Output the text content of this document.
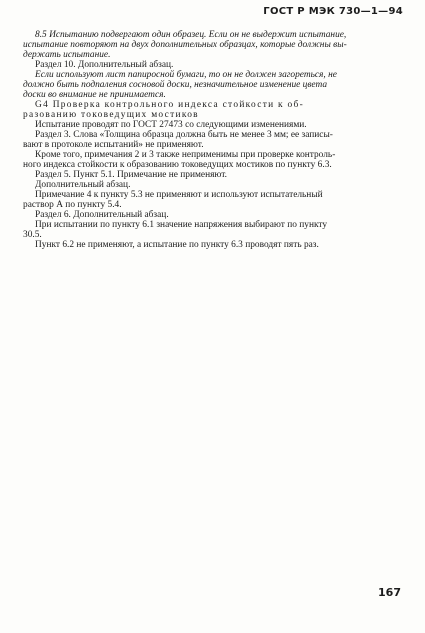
ГОСТ Р МЭК 730—1—94
8.5 Испытанию подвергают один образец. Если он не выдержит испытание,
испытание повторяют на двух дополнительных образцах, которые должны вы-
держать испытание.
Раздел 10. Дополнительный абзац.
Если используют лист папиросной бумаги, то он не должен загореться, не
должно быть подпаления сосновой доски, незначительное изменение цвета
доски во внимание не принимается.
G4 Проверка контрольного индекса стойкости к об-
разованию токоведущих мостиков
Испытание проводят по ГОСТ 27473 со следующими изменениями.
Раздел 3. Слова «Толщина образца должна быть не менее 3 мм; ее записы-
вают в протоколе испытаний» не применяют.
Кроме того, примечания 2 и 3 также неприменимы при проверке контроль-
ного индекса стойкости к образованию токоведущих мостиков по пункту 6.3.
Раздел 5. Пункт 5.1. Примечание не применяют.
Дополнительный абзац.
Примечание 4 к пункту 5.3 не применяют и используют испытательный
раствор А по пункту 5.4.
Раздел 6. Дополнительный абзац.
При испытании по пункту 6.1 значение напряжения выбирают по пункту
30.5.
Пункт 6.2 не применяют, а испытание по пункту 6.3 проводят пять раз.
167
